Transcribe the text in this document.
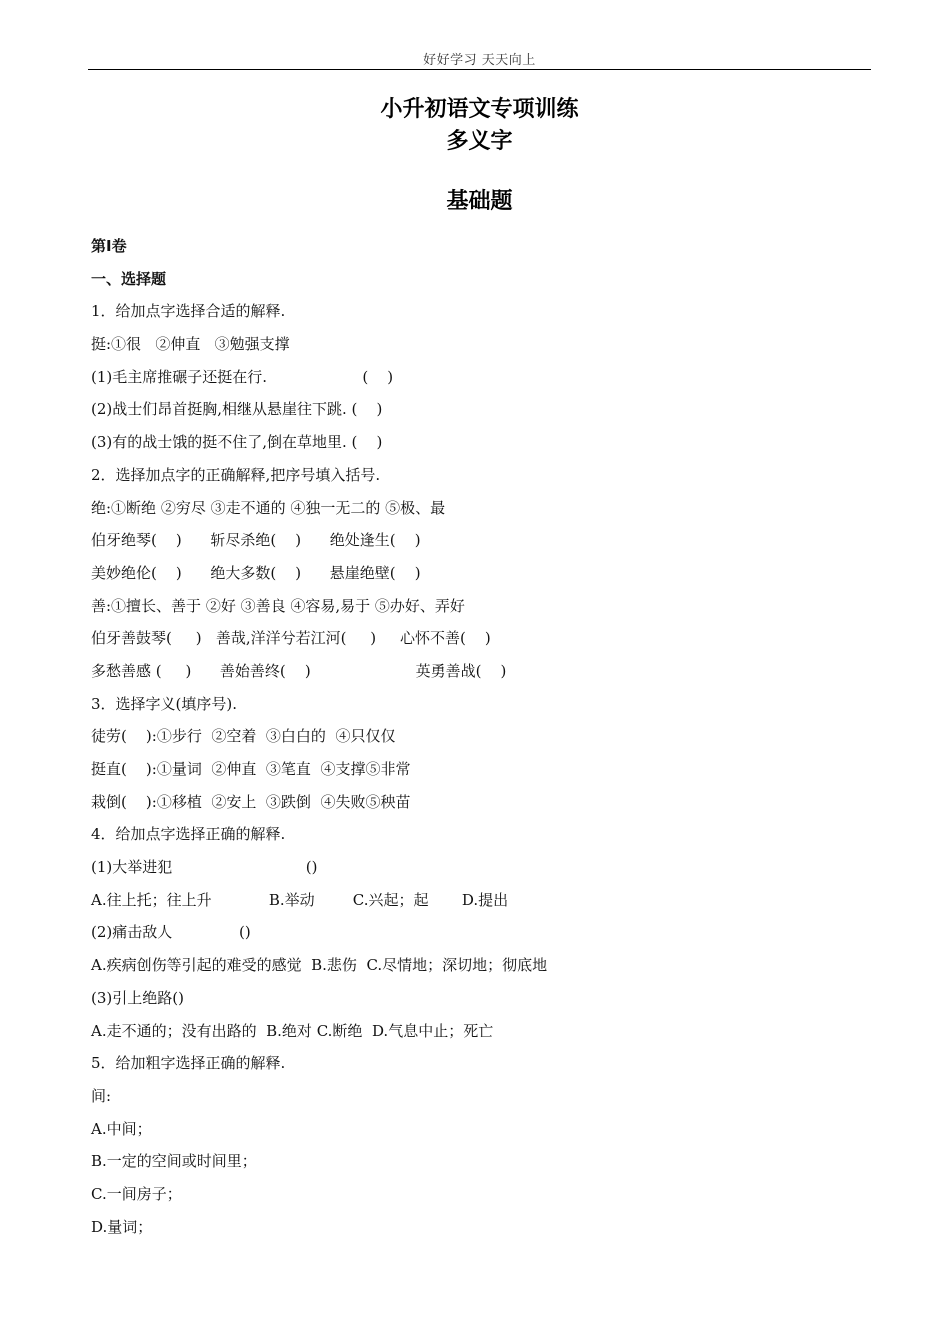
好好学习 天天向上
小升初语文专项训练
多义字
基础题
第Ⅰ卷
一、选择题
1．给加点字选择合适的解释.
挺:①很   ②伸直   ③勉强支撑
(1)毛主席推碾子还挺在行.                    (    )
(2)战士们昂首挺胸,相继从悬崖往下跳. (    )
(3)有的战士饿的挺不住了,倒在草地里. (    )
2．选择加点字的正确解释,把序号填入括号.
绝:①断绝 ②穷尽 ③走不通的 ④独一无二的 ⑤极、最
伯牙绝琴(    )      斩尽杀绝(    )      绝处逢生(    )
美妙绝伦(    )      绝大多数(    )      悬崖绝壁(    )
善:①擅长、善于 ②好 ③善良 ④容易,易于 ⑤办好、弄好
伯牙善鼓琴(     )   善哉,洋洋兮若江河(     )     心怀不善(    )
多愁善感 (     )      善始善终(    )                      英勇善战(    )
3．选择字义(填序号).
徒劳(    ):①步行  ②空着  ③白白的  ④只仅仅
挺直(    ):①量词  ②伸直  ③笔直  ④支撑⑤非常
栽倒(    ):①移植  ②安上  ③跌倒  ④失败⑤秧苗
4．给加点字选择正确的解释.
(1)大举进犯                            ()
A.往上托；往上升            B.举动        C.兴起；起       D.提出
(2)痛击敌人              ()
A.疾病创伤等引起的难受的感觉  B.悲伤  C.尽情地；深切地；彻底地
(3)引上绝路()
A.走不通的；没有出路的  B.绝对 C.断绝  D.气息中止；死亡
5．给加粗字选择正确的解释.
间:
A.中间；
B.一定的空间或时间里；
C.一间房子；
D.量词；
